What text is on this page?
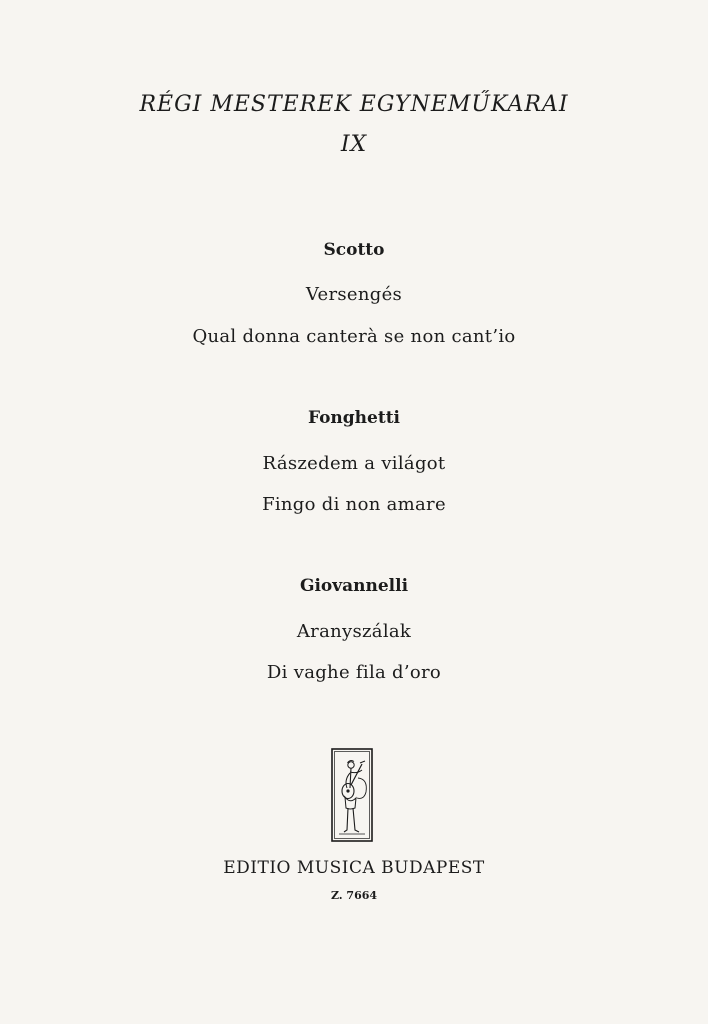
RÉGI MESTEREK EGYNEMŰKARAI
IX
Scotto
Versengés
Qual donna canterà se non cant’io
Fonghetti
Rászedem a világot
Fingo di non amare
Giovannelli
Aranyszálak
Di vaghe fila d’oro
EDITIO MUSICA BUDAPEST
Z. 7664
